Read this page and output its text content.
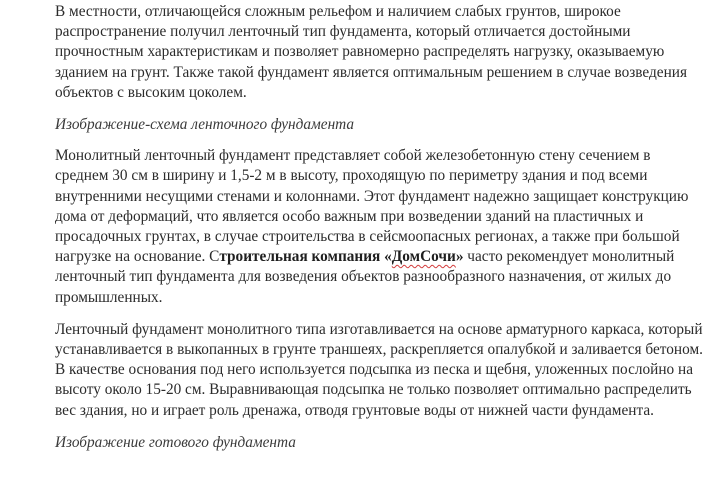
В местности, отличающейся сложным рельефом и наличием слабых грунтов, широкое распространение получил ленточный тип фундамента, который отличается достойными прочностным характеристикам и позволяет равномерно распределять нагрузку, оказываемую зданием на грунт. Также такой фундамент является оптимальным решением в случае возведения объектов с высоким цоколем.

Изображение-схема ленточного фундамента

Монолитный ленточный фундамент представляет собой железобетонную стену сечением в среднем 30 см в ширину и 1,5-2 м в высоту, проходящую по периметру здания и под всеми внутренними несущими стенами и колоннами. Этот фундамент надежно защищает конструкцию дома от деформаций, что является особо важным при возведении зданий на пластичных и просадочных грунтах, в случае строительства в сейсмоопасных регионах, а также при большой нагрузке на основание. Строительная компания «ДомСочи» часто рекомендует монолитный ленточный тип фундамента для возведения объектов разнообразного назначения, от жилых до промышленных.

Ленточный фундамент монолитного типа изготавливается на основе арматурного каркаса, который устанавливается в выкопанных в грунте траншеях, раскрепляется опалубкой и заливается бетоном. В качестве основания под него используется подсыпка из песка и щебня, уложенных послойно на высоту около 15-20 см. Выравнивающая подсыпка не только позволяет оптимально распределить вес здания, но и играет роль дренажа, отводя грунтовые воды от нижней части фундамента.

Изображение готового фундамента
